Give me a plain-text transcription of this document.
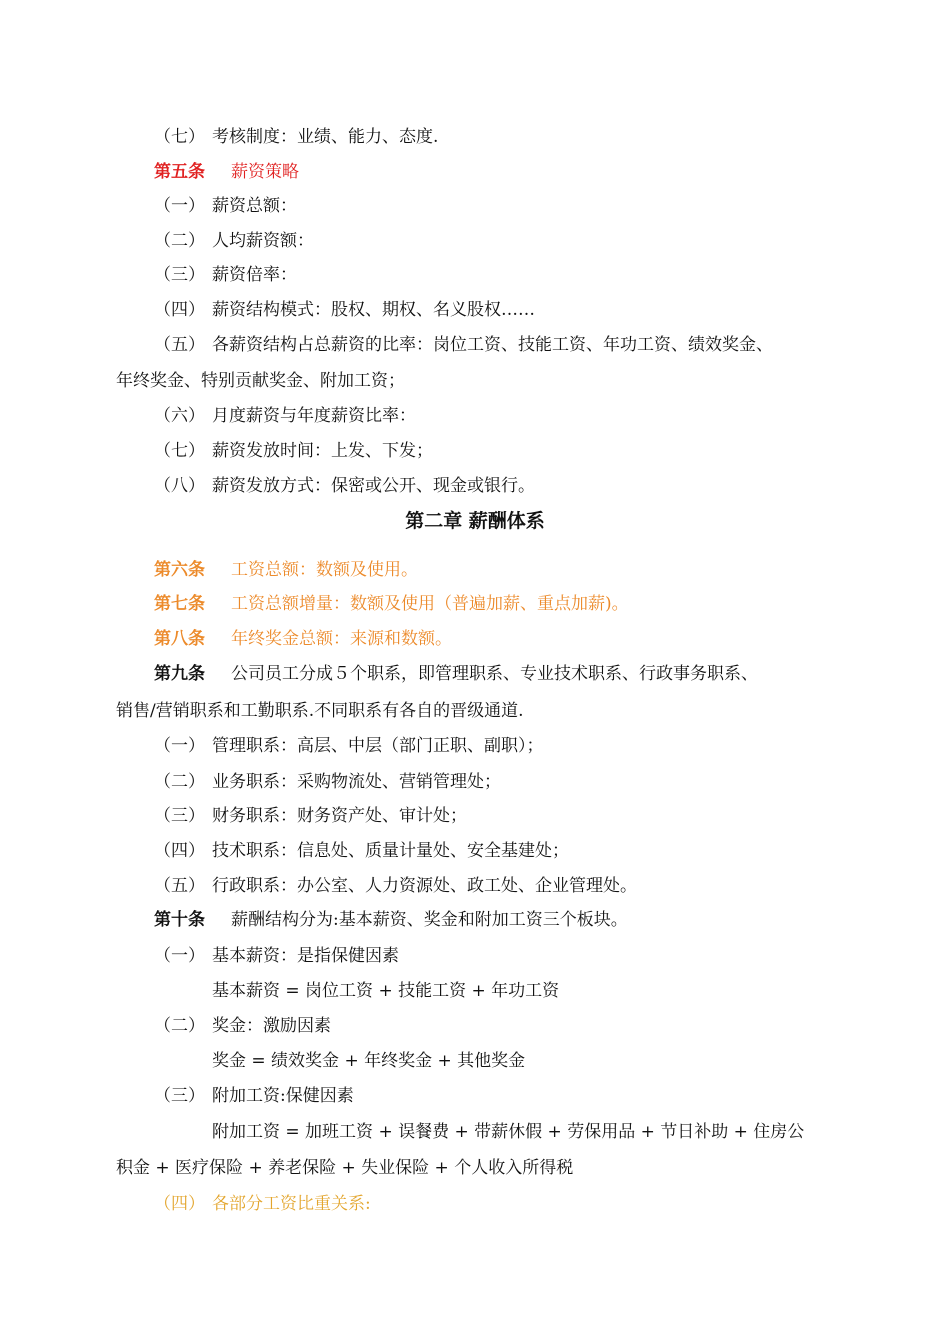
（七） 考核制度：业绩、能力、态度.
第五条 薪资策略
（一） 薪资总额：
（二） 人均薪资额：
（三） 薪资倍率：
（四） 薪资结构模式：股权、期权、名义股权……
（五） 各薪资结构占总薪资的比率：岗位工资、技能工资、年功工资、绩效奖金、
年终奖金、特别贡献奖金、附加工资；
（六） 月度薪资与年度薪资比率：
（七） 薪资发放时间：上发、下发；
（八） 薪资发放方式：保密或公开、现金或银行。
第二章 薪酬体系
第六条 工资总额：数额及使用。
第七条 工资总额增量：数额及使用（普遍加薪、重点加薪)。
第八条 年终奖金总额：来源和数额。
第九条 公司员工分成５个职系，即管理职系、专业技术职系、行政事务职系、
销售/营销职系和工勤职系.不同职系有各自的晋级通道.
（一） 管理职系：高层、中层（部门正职、副职）；
（二） 业务职系：采购物流处、营销管理处；
（三） 财务职系：财务资产处、审计处；
（四） 技术职系：信息处、质量计量处、安全基建处；
（五） 行政职系：办公室、人力资源处、政工处、企业管理处。
第十条 薪酬结构分为:基本薪资、奖金和附加工资三个板块。
（一） 基本薪资：是指保健因素
基本薪资 = 岗位工资 + 技能工资 + 年功工资
（二） 奖金：激励因素
奖金 = 绩效奖金 + 年终奖金 + 其他奖金
（三） 附加工资:保健因素
附加工资 = 加班工资 + 误餐费 + 带薪休假 + 劳保用品 + 节日补助 + 住房公
积金 + 医疗保险 + 养老保险 + 失业保险 + 个人收入所得税
（四） 各部分工资比重关系:
